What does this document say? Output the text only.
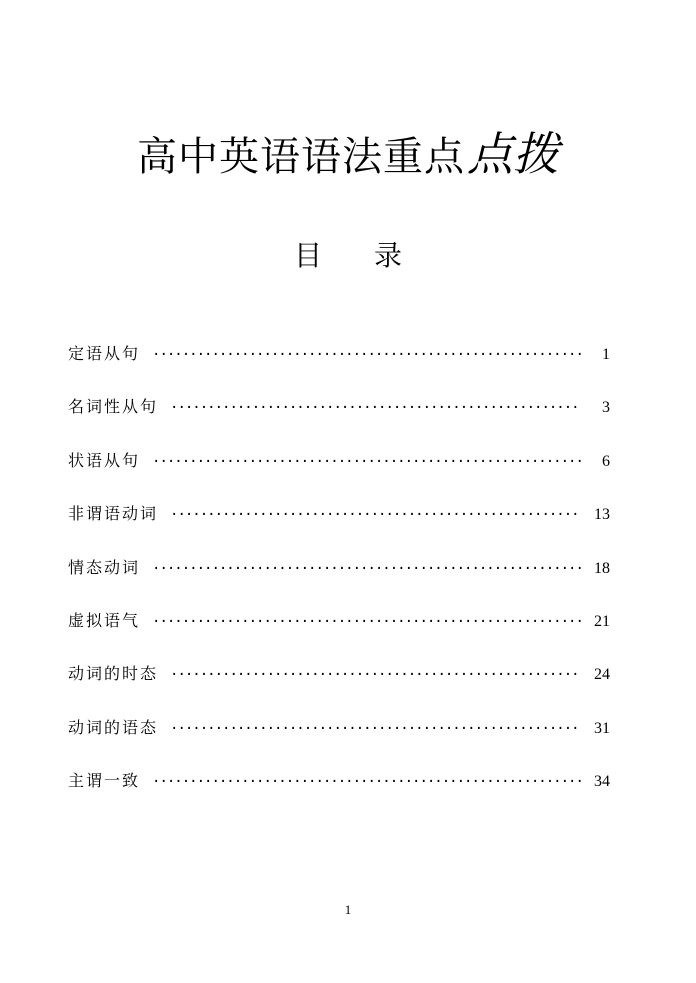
高中英语语法重点点拨
目 录
定语从句 ·····	1
名词性从句 ·····	3
状语从句 ·····	6
非谓语动词 ·····	13
情态动词 ·····	18
虚拟语气 ·····	21
动词的时态 ·····	24
动词的语态 ·····	31
主谓一致 ·····	34
1
